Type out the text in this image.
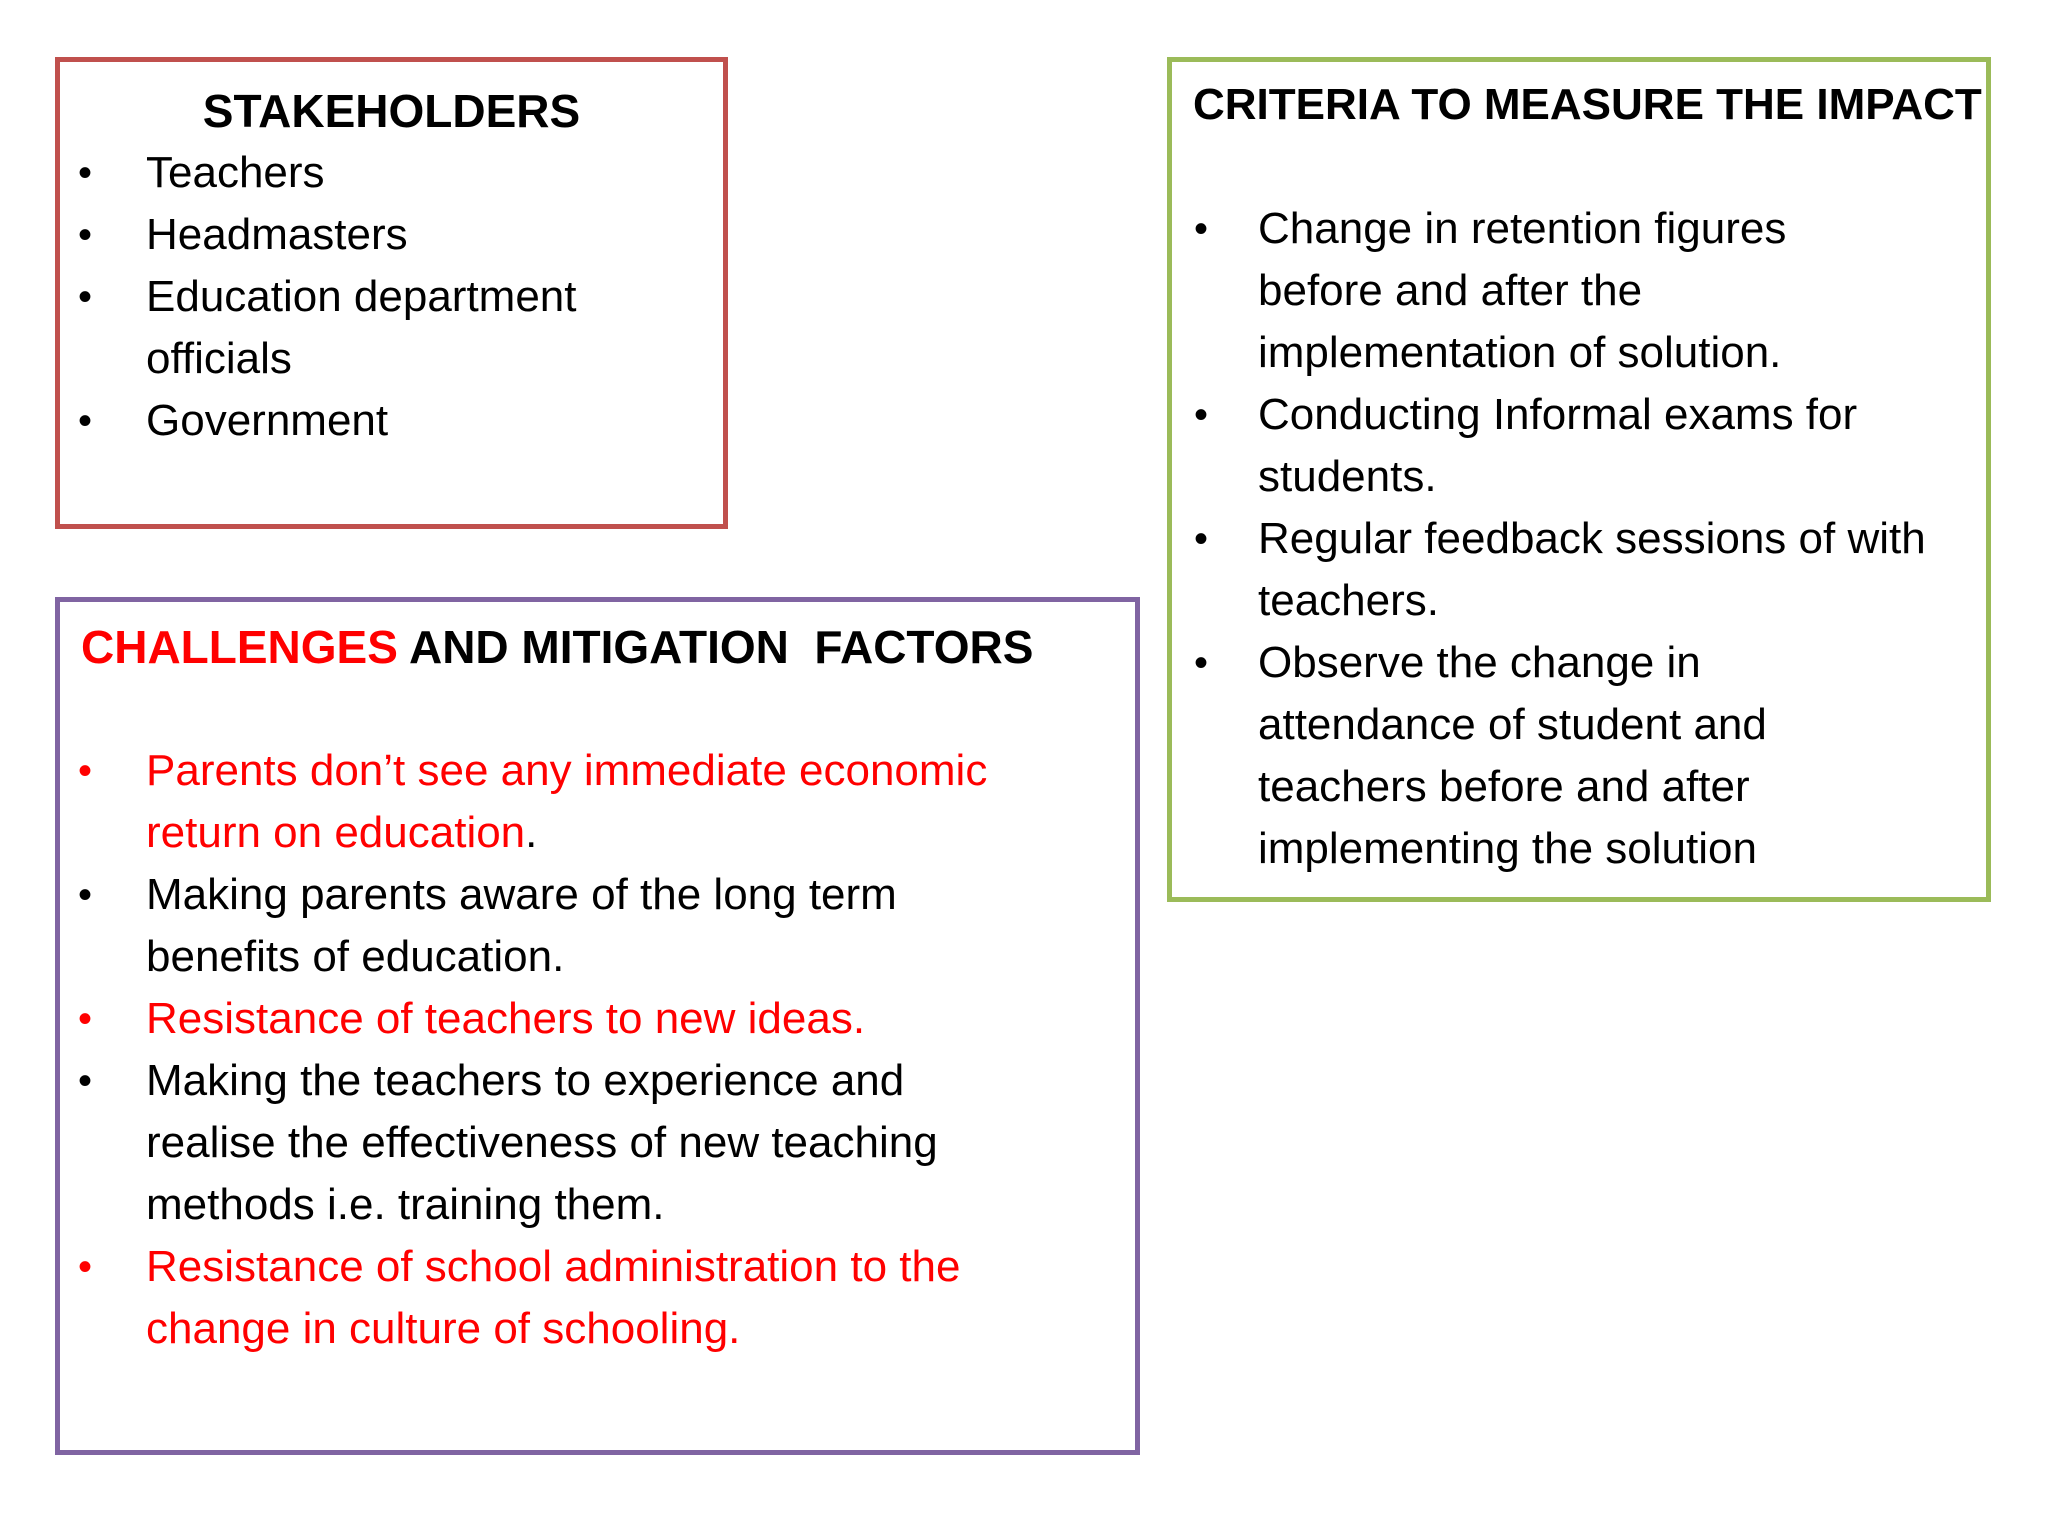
STAKEHOLDERS

•	Teachers
•	Headmasters
•	Education department officials
•	Government

CRITERIA TO MEASURE THE IMPACT

•	Change in retention figures before and after the implementation of solution.
•	Conducting Informal exams for students.
•	Regular feedback sessions of with teachers.
•	Observe the change in attendance of student and teachers before and after implementing the solution

CHALLENGES AND MITIGATION  FACTORS

•	Parents don’t see any immediate economic return on education.
•	Making parents aware of the long term benefits of education.
•	Resistance of teachers to new ideas.
•	Making the teachers to experience and realise the effectiveness of new teaching methods i.e. training them.
•	Resistance of school administration to the change in culture of schooling.
